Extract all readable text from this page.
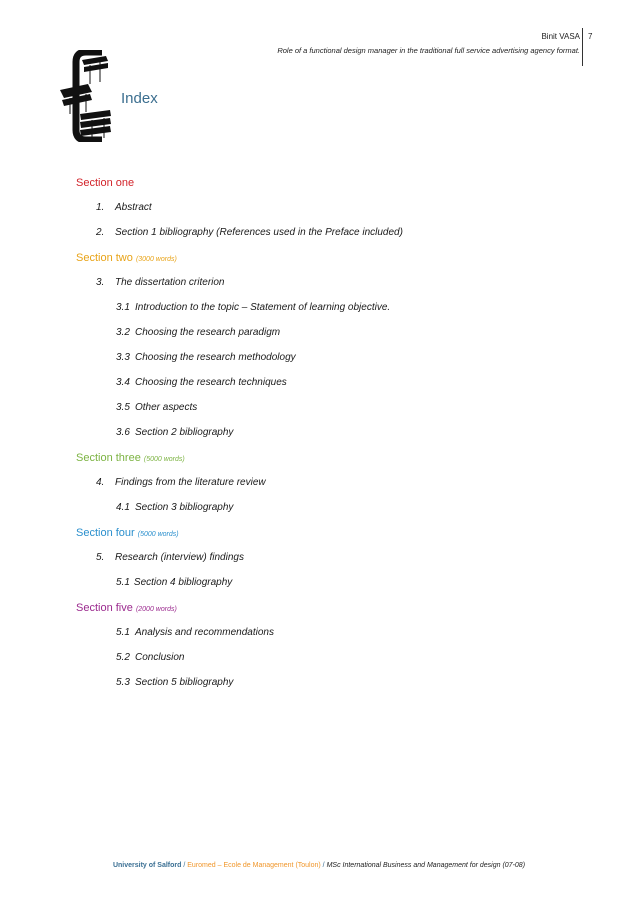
Binit VASA
Role of a functional design manager in the traditional full service advertising agency format.
7
Index
Section one
1. Abstract
2. Section 1 bibliography (References used in the Preface included)
Section two (3000 words)
3. The dissertation criterion
3.1 Introduction to the topic – Statement of learning objective.
3.2 Choosing the research paradigm
3.3 Choosing the research methodology
3.4 Choosing the research techniques
3.5 Other aspects
3.6 Section 2 bibliography
Section three (5000 words)
4. Findings from the literature review
4.1 Section 3 bibliography
Section four (5000 words)
5. Research (interview) findings
5.1 Section 4 bibliography
Section five (2000 words)
5.1 Analysis and recommendations
5.2 Conclusion
5.3 Section 5 bibliography
University of Salford / Euromed – Ecole de Management (Toulon) / MSc International Business and Management for design (07-08)
